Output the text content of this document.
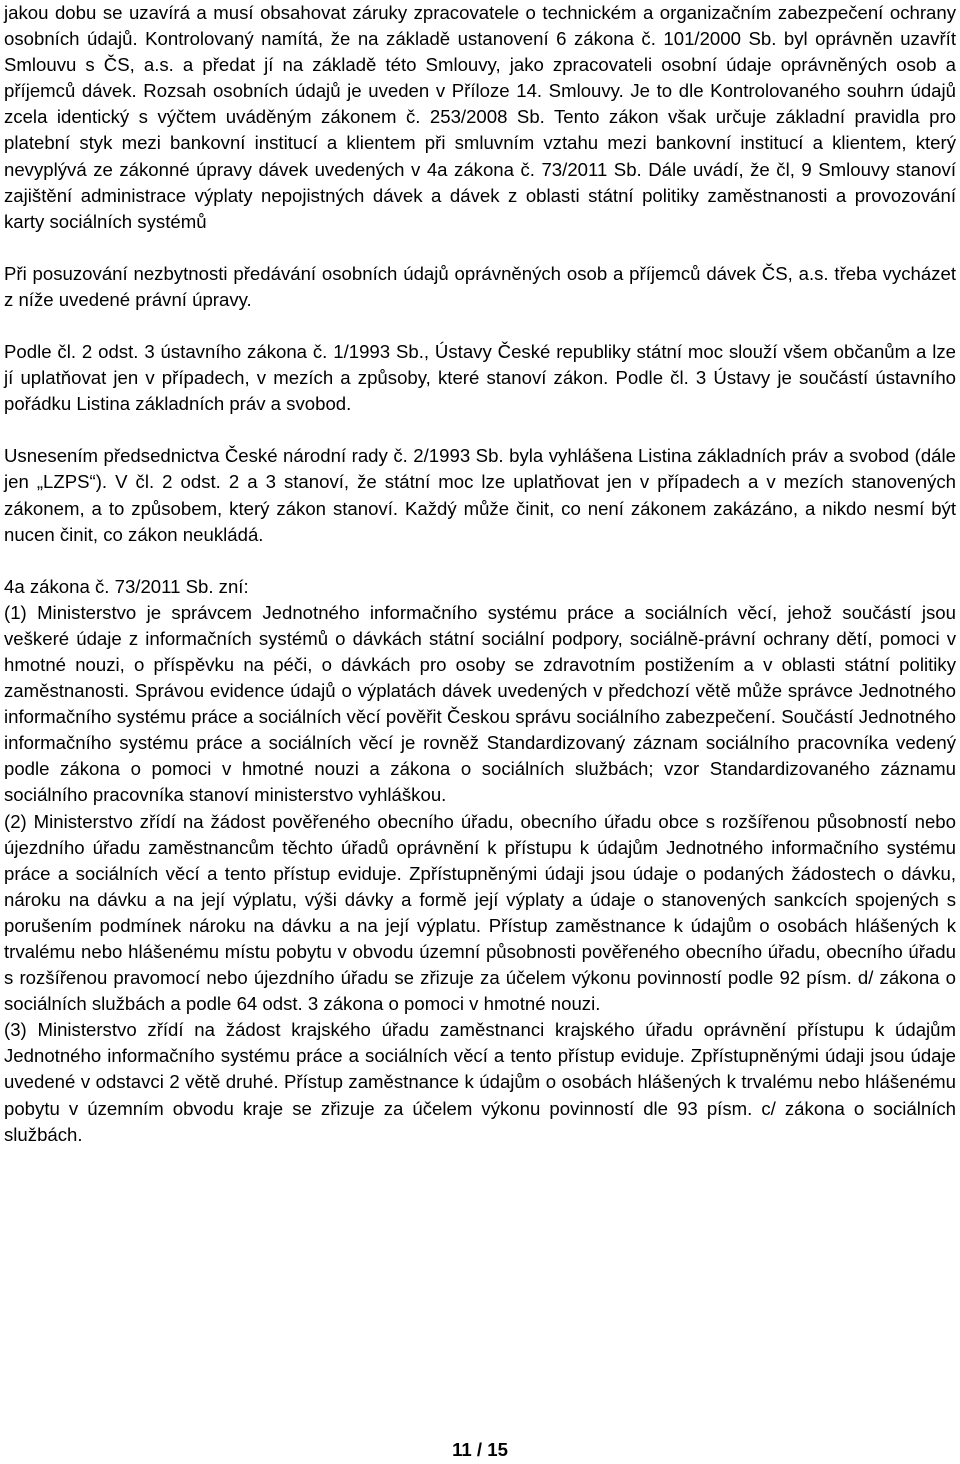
jakou dobu se uzavírá a musí obsahovat záruky zpracovatele o technickém a organizačním zabezpečení ochrany osobních údajů. Kontrolovaný namítá, že na základě ustanovení 6 zákona č. 101/2000 Sb. byl oprávněn uzavřít Smlouvu s ČS, a.s. a předat jí na základě této Smlouvy, jako zpracovateli osobní údaje oprávněných osob a příjemců dávek. Rozsah osobních údajů je uveden v Příloze 14. Smlouvy. Je to dle Kontrolovaného souhrn údajů zcela identický s výčtem uváděným zákonem č. 253/2008 Sb. Tento zákon však určuje základní pravidla pro platební styk mezi bankovní institucí a klientem při smluvním vztahu mezi bankovní institucí a klientem, který nevyplývá ze zákonné úpravy dávek uvedených v 4a zákona č. 73/2011 Sb. Dále uvádí, že čl, 9 Smlouvy stanoví zajištění administrace výplaty nepojistných dávek a dávek z oblasti státní politiky zaměstnanosti a provozování karty sociálních systémů

Při posuzování nezbytnosti předávání osobních údajů oprávněných osob a příjemců dávek ČS, a.s. třeba vycházet z níže uvedené právní úpravy.

Podle čl. 2 odst. 3 ústavního zákona č. 1/1993 Sb., Ústavy České republiky státní moc slouží všem občanům a lze jí uplatňovat jen v případech, v mezích a způsoby, které stanoví zákon. Podle čl. 3 Ústavy je součástí ústavního pořádku Listina základních práv a svobod.

Usnesením předsednictva České národní rady č. 2/1993 Sb. byla vyhlášena Listina základních práv a svobod (dále jen „LZPS“). V čl. 2 odst. 2 a 3 stanoví, že státní moc lze uplatňovat jen v případech a v mezích stanovených zákonem, a to způsobem, který zákon stanoví. Každý může činit, co není zákonem zakázáno, a nikdo nesmí být nucen činit, co zákon neukládá.

4a zákona č. 73/2011 Sb. zní:

(1) Ministerstvo je správcem Jednotného informačního systému práce a sociálních věcí, jehož součástí jsou veškeré údaje z informačních systémů o dávkách státní sociální podpory, sociálně-právní ochrany dětí, pomoci v hmotné nouzi, o příspěvku na péči, o dávkách pro osoby se zdravotním postižením a v oblasti státní politiky zaměstnanosti. Správou evidence údajů o výplatách dávek uvedených v předchozí větě může správce Jednotného informačního systému práce a sociálních věcí pověřit Českou správu sociálního zabezpečení. Součástí Jednotného informačního systému práce a sociálních věcí je rovněž Standardizovaný záznam sociálního pracovníka vedený podle zákona o pomoci v hmotné nouzi a zákona o sociálních službách; vzor Standardizovaného záznamu sociálního pracovníka stanoví ministerstvo vyhláškou.

(2) Ministerstvo zřídí na žádost pověřeného obecního úřadu, obecního úřadu obce s rozšířenou působností nebo újezdního úřadu zaměstnancům těchto úřadů oprávnění k přístupu k údajům Jednotného informačního systému práce a sociálních věcí a tento přístup eviduje. Zpřístupněnými údaji jsou údaje o podaných žádostech o dávku, nároku na dávku a na její výplatu, výši dávky a formě její výplaty a údaje o stanovených sankcích spojených s porušením podmínek nároku na dávku a na její výplatu. Přístup zaměstnance k údajům o osobách hlášených k trvalému nebo hlášenému místu pobytu v obvodu územní působnosti pověřeného obecního úřadu, obecního úřadu s rozšířenou pravomocí nebo újezdního úřadu se zřizuje za účelem výkonu povinností podle 92 písm. d/ zákona o sociálních službách a podle 64 odst. 3 zákona o pomoci v hmotné nouzi.

(3) Ministerstvo zřídí na žádost krajského úřadu zaměstnanci krajského úřadu oprávnění přístupu k údajům Jednotného informačního systému práce a sociálních věcí a tento přístup eviduje. Zpřístupněnými údaji jsou údaje uvedené v odstavci 2 větě druhé. Přístup zaměstnance k údajům o osobách hlášených k trvalému nebo hlášenému pobytu v územním obvodu kraje se zřizuje za účelem výkonu povinností dle 93 písm. c/ zákona o sociálních službách.

11 / 15
